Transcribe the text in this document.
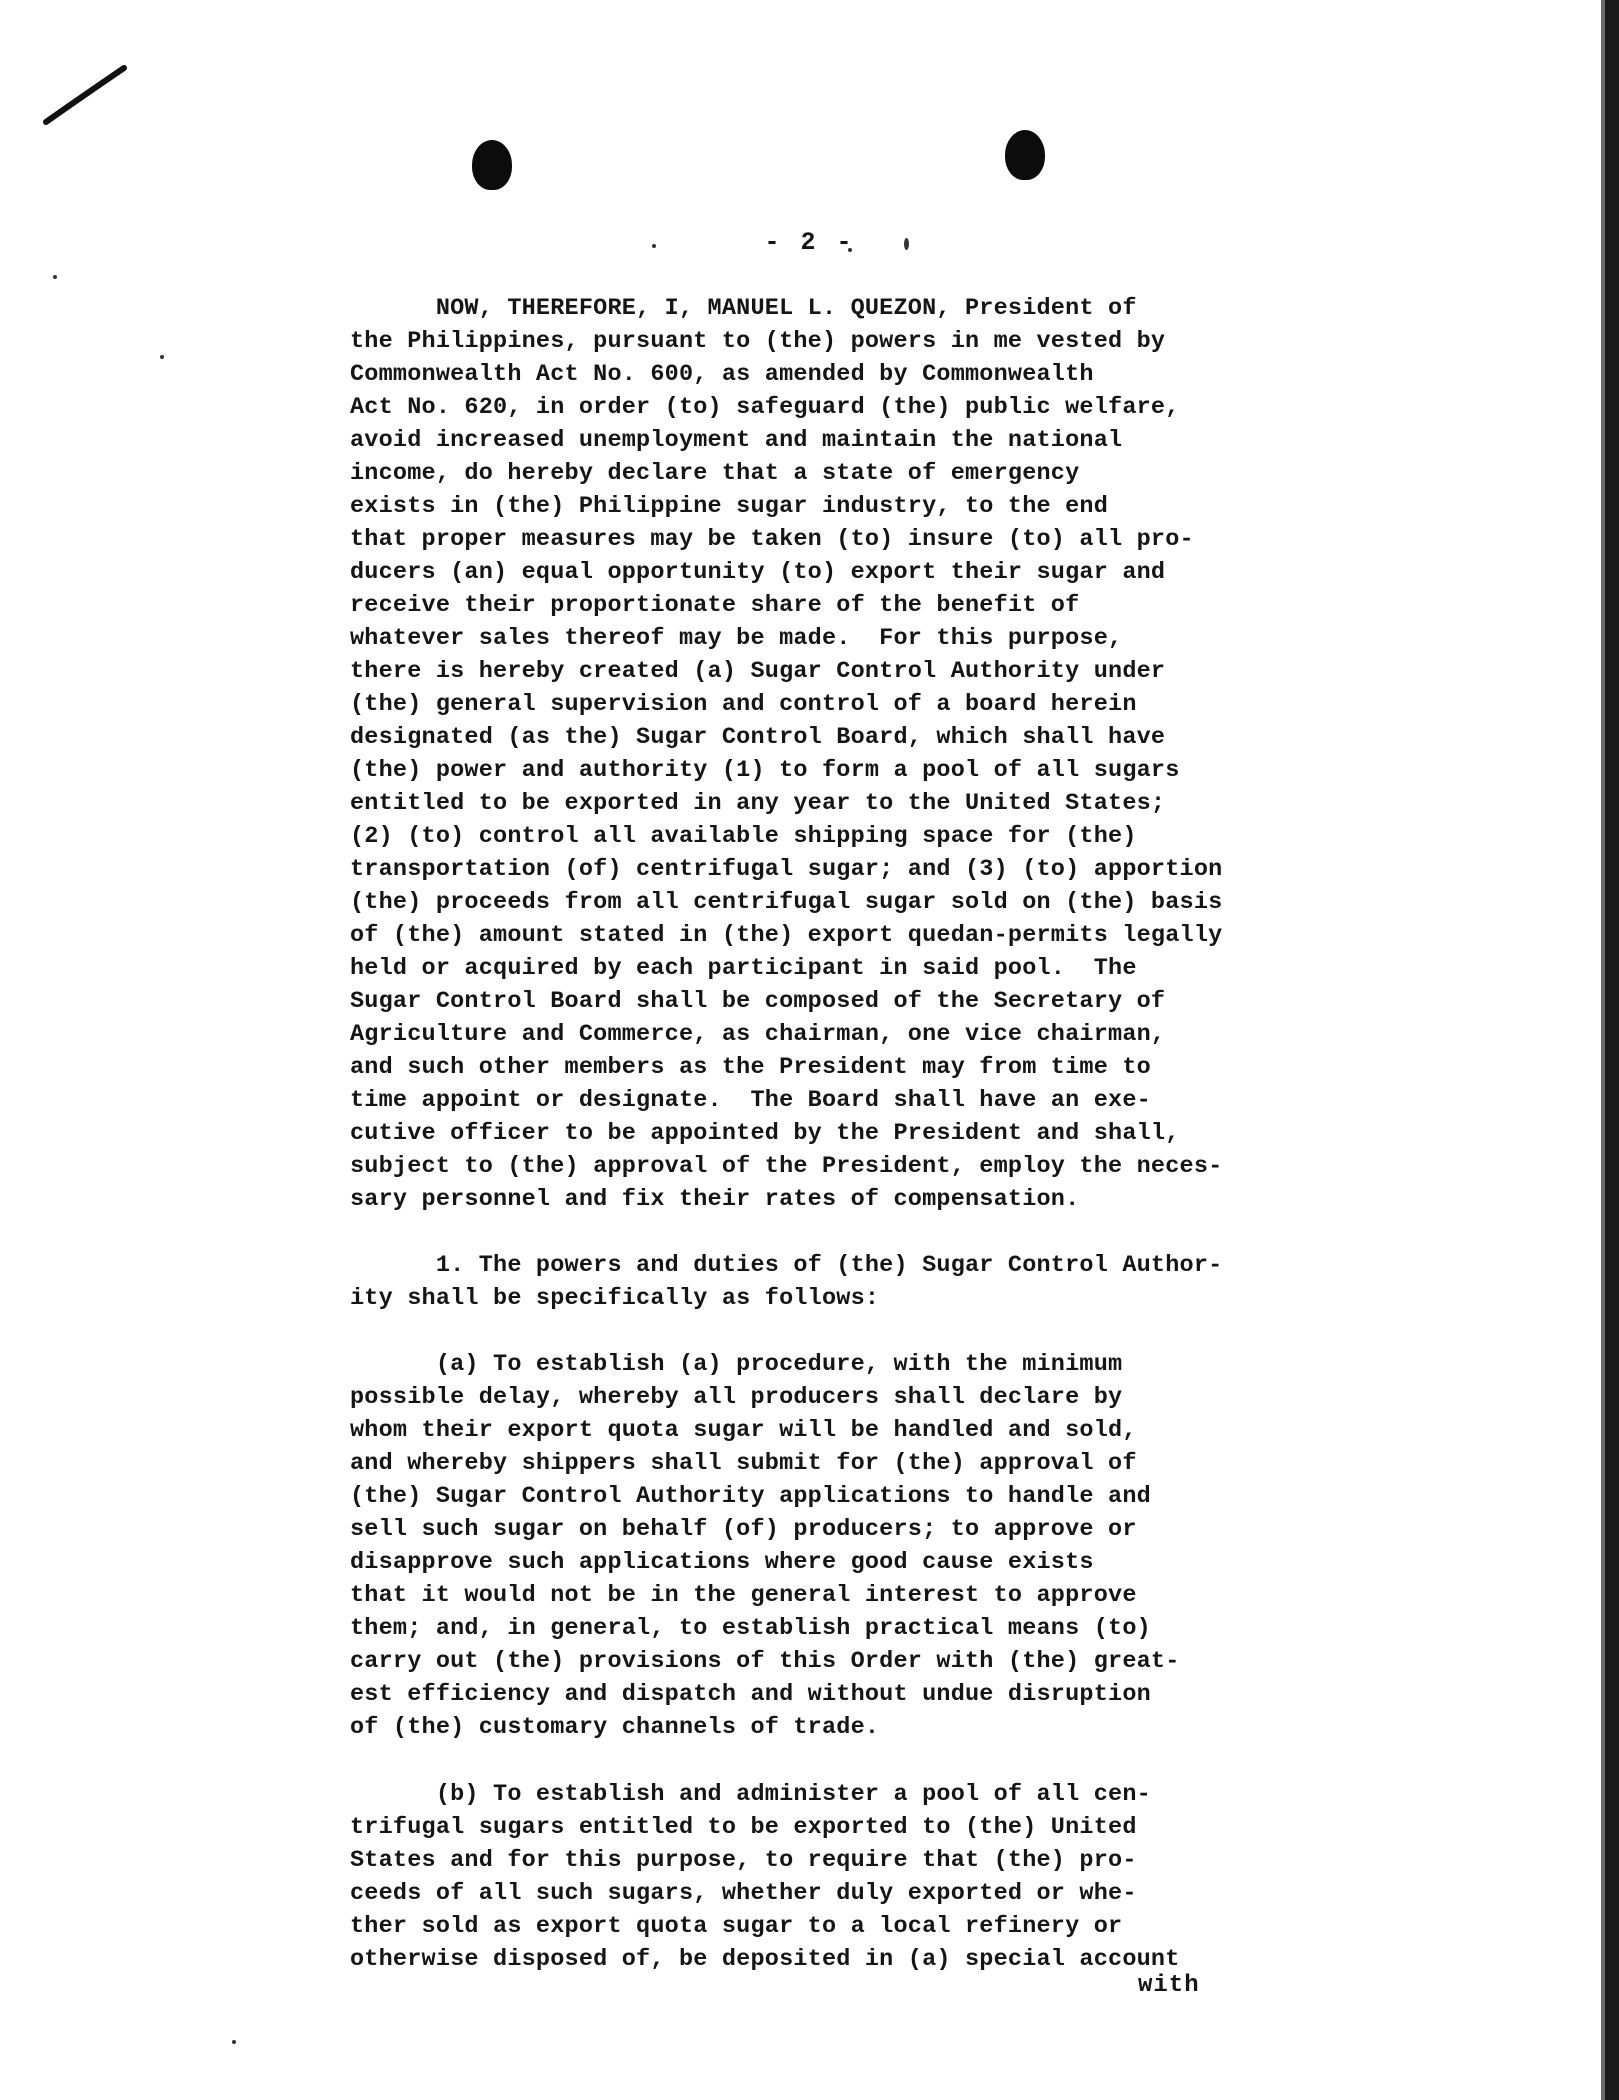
- 2 -
NOW, THEREFORE, I, MANUEL L. QUEZON, President of
the Philippines, pursuant to (the) powers in me vested by
Commonwealth Act No. 600, as amended by Commonwealth
Act No. 620, in order (to) safeguard (the) public welfare,
avoid increased unemployment and maintain the national
income, do hereby declare that a state of emergency
exists in (the) Philippine sugar industry, to the end
that proper measures may be taken (to) insure (to) all pro-
ducers (an) equal opportunity (to) export their sugar and
receive their proportionate share of the benefit of
whatever sales thereof may be made.  For this purpose,
there is hereby created (a) Sugar Control Authority under
(the) general supervision and control of a board herein
designated (as the) Sugar Control Board, which shall have
(the) power and authority (1) to form a pool of all sugars
entitled to be exported in any year to the United States;
(2) (to) control all available shipping space for (the)
transportation (of) centrifugal sugar; and (3) (to) apportion
(the) proceeds from all centrifugal sugar sold on (the) basis
of (the) amount stated in (the) export quedan-permits legally
held or acquired by each participant in said pool.  The
Sugar Control Board shall be composed of the Secretary of
Agriculture and Commerce, as chairman, one vice chairman,
and such other members as the President may from time to
time appoint or designate.  The Board shall have an exe-
cutive officer to be appointed by the President and shall,
subject to (the) approval of the President, employ the neces-
sary personnel and fix their rates of compensation.
1. The powers and duties of (the) Sugar Control Author-
ity shall be specifically as follows:
(a) To establish (a) procedure, with the minimum
possible delay, whereby all producers shall declare by
whom their export quota sugar will be handled and sold,
and whereby shippers shall submit for (the) approval of
(the) Sugar Control Authority applications to handle and
sell such sugar on behalf (of) producers; to approve or
disapprove such applications where good cause exists
that it would not be in the general interest to approve
them; and, in general, to establish practical means (to)
carry out (the) provisions of this Order with (the) great-
est efficiency and dispatch and without undue disruption
of (the) customary channels of trade.
(b) To establish and administer a pool of all cen-
trifugal sugars entitled to be exported to (the) United
States and for this purpose, to require that (the) pro-
ceeds of all such sugars, whether duly exported or whe-
ther sold as export quota sugar to a local refinery or
otherwise disposed of, be deposited in (a) special account
with
